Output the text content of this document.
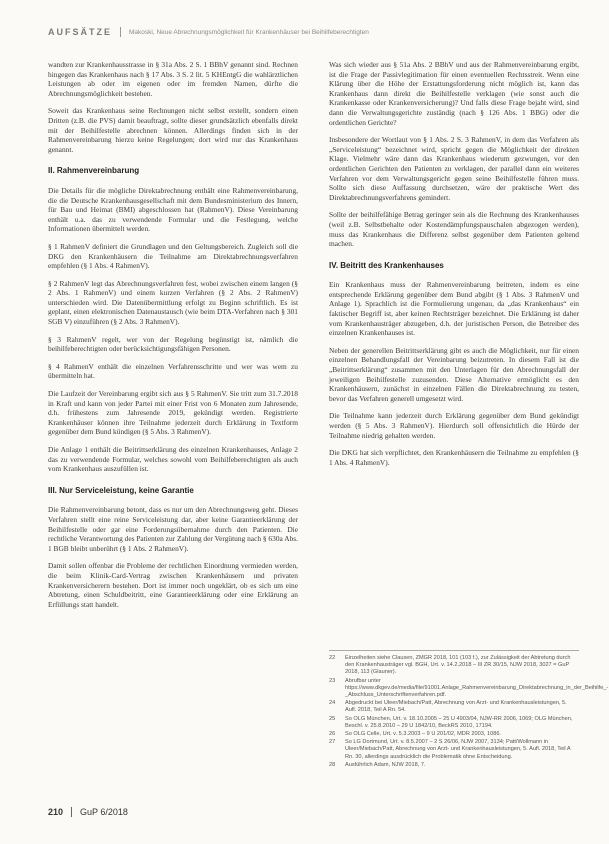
AUFSÄTZE	Makoski, Neue Abrechnungsmöglichkeit für Krankenhäuser bei Beihilfeberechtigten

wandten zur Krankenhausstrasse in § 31a Abs. 2 S. 1 BBhV genannt sind. Rechnen hingegen das Krankenhaus nach § 17 Abs. 3 S. 2 lit. 5 KHEntgG die wahlärztlichen Leistungen ab oder im eigenen oder im fremden Namen, dürfte die Abrechnungsmöglichkeit bestehen.

Soweit das Krankenhaus seine Rechnungen nicht selbst erstellt, sondern einen Dritten (z.B. die PVS) damit beauftragt, sollte dieser grundsätzlich ebenfalls direkt mit der Beihilfestelle abrechnen können. Allerdings finden sich in der Rahmenvereinbarung hierzu keine Regelungen; dort wird nur das Krankenhaus genannt.

II. Rahmenvereinbarung

Die Details für die mögliche Direktabrechnung enthält eine Rahmenvereinbarung, die die Deutsche Krankenhausgesellschaft mit dem Bundesministerium des Innern, für Bau und Heimat (BMI) abgeschlossen hat (RahmenV). Diese Vereinbarung enthält u.a. das zu verwendende Formular und die Festlegung, welche Informationen übermittelt werden.

§ 1 RahmenV definiert die Grundlagen und den Geltungsbereich. Zugleich soll die DKG den Krankenhäusern die Teilnahme am Direktabrechnungsverfahren empfehlen (§ 1 Abs. 4 RahmenV).

§ 2 RahmenV legt das Abrechnungsverfahren fest, wobei zwischen einem langen (§ 2 Abs. 1 RahmenV) und einem kurzen Verfahren (§ 2 Abs. 2 RahmenV) unterschieden wird. Die Datenübermittlung erfolgt zu Beginn schriftlich. Es ist geplant, einen elektronischen Datenaustausch (wie beim DTA-Verfahren nach § 301 SGB V) einzuführen (§ 2 Abs. 3 RahmenV).

§ 3 RahmenV regelt, wer von der Regelung begünstigt ist, nämlich die beihilfeberechtigten oder berücksichtigungsfähigen Personen.

§ 4 RahmenV enthält die einzelnen Verfahrensschritte und wer was wem zu übermitteln hat.

Die Laufzeit der Vereinbarung ergibt sich aus § 5 RahmenV. Sie tritt zum 31.7.2018 in Kraft und kann von jeder Partei mit einer Frist von 6 Monaten zum Jahresende, d.h. frühestens zum Jahresende 2019, gekündigt werden. Registrierte Krankenhäuser können ihre Teilnahme jederzeit durch Erklärung in Textform gegenüber dem Bund kündigen (§ 5 Abs. 3 RahmenV).

Die Anlage 1 enthält die Beitrittserklärung des einzelnen Krankenhauses, Anlage 2 das zu verwendende Formular, welches sowohl vom Beihilfeberechtigten als auch vom Krankenhaus auszufüllen ist.

III. Nur Serviceleistung, keine Garantie

Die Rahmenvereinbarung betont, dass es nur um den Abrechnungsweg geht. Dieses Verfahren stellt eine reine Serviceleistung dar, aber keine Garantieerklärung der Beihilfestelle oder gar eine Forderungsübernahme durch den Patienten. Die rechtliche Verantwortung des Patienten zur Zahlung der Vergütung nach § 630a Abs. 1 BGB bleibt unberührt (§ 1 Abs. 2 RahmenV).

Damit sollen offenbar die Probleme der rechtlichen Einordnung vermieden werden, die beim Klinik-Card-Vertrag zwischen Krankenhäusern und privaten Krankenversicherern bestehen. Dort ist immer noch ungeklärt, ob es sich um eine Abtretung, einen Schuldbeitritt, eine Garantieerklärung oder eine Erklärung an Erfüllungs statt handelt.

Was sich wieder aus § 51a Abs. 2 BBhV und aus der Rahmenvereinbarung ergibt, ist die Frage der Passivlegitimation für einen eventuellen Rechtsstreit. Wenn eine Klärung über die Höhe der Erstattungsforderung nicht möglich ist, kann das Krankenhaus dann direkt die Beihilfestelle verklagen (wie sonst auch die Krankenkasse oder Krankenversicherung)? Und falls diese Frage bejaht wird, sind dann die Verwaltungsgerichte zuständig (nach § 126 Abs. 1 BBG) oder die ordentlichen Gerichte?

Insbesondere der Wortlaut von § 1 Abs. 2 S. 3 RahmenV, in dem das Verfahren als „Serviceleistung“ bezeichnet wird, spricht gegen die Möglichkeit der direkten Klage. Vielmehr wäre dann das Krankenhaus wiederum gezwungen, vor den ordentlichen Gerichten den Patienten zu verklagen, der parallel dann ein weiteres Verfahren vor dem Verwaltungsgericht gegen seine Beihilfestelle führen muss. Sollte sich diese Auffassung durchsetzen, wäre der praktische Wert des Direktabrechnungsverfahrens gemindert.

Sollte der beihilfefähige Betrag geringer sein als die Rechnung des Krankenhauses (weil z.B. Selbstbehalte oder Kostendämpfungspauschalen abgezogen werden), muss das Krankenhaus die Differenz selbst gegenüber dem Patienten geltend machen.

IV. Beitritt des Krankenhauses

Ein Krankenhaus muss der Rahmenvereinbarung beitreten, indem es eine entsprechende Erklärung gegenüber dem Bund abgibt (§ 1 Abs. 3 RahmenV und Anlage 1). Sprachlich ist die Formulierung ungenau, da „das Krankenhaus“ ein faktischer Begriff ist, aber keinen Rechtsträger bezeichnet. Die Erklärung ist daher vom Krankenhausträger abzugeben, d.h. der juristischen Person, die Betreiber des einzelnen Krankenhauses ist.

Neben der generellen Beitrittserklärung gibt es auch die Möglichkeit, nur für einen einzelnen Behandlungsfall der Vereinbarung beizutreten. In diesem Fall ist die „Beitrittserklärung“ zusammen mit den Unterlagen für den Abrechnungsfall der jeweiligen Beihilfestelle zuzusenden. Diese Alternative ermöglicht es den Krankenhäusern, zunächst in einzelnen Fällen die Direktabrechnung zu testen, bevor das Verfahren generell umgesetzt wird.

Die Teilnahme kann jederzeit durch Erklärung gegenüber dem Bund gekündigt werden (§ 5 Abs. 3 RahmenV). Hierdurch soll offensichtlich die Hürde der Teilnahme niedrig gehalten werden.

Die DKG hat sich verpflichtet, den Krankenhäusern die Teilnahme zu empfehlen (§ 1 Abs. 4 RahmenV).

22	Einzelheiten siehe Clausen, ZMGR 2018, 101 (103 f.), zur Zulässigkeit der Abtretung durch den Krankenhausträger vgl. BGH, Urt. v. 14.2.2018 – III ZR 30/15, NJW 2018, 3027 = GuP 2018, 113 (Glauner).
23	Abrufbar unter https://www.dkgev.de/media/file/91001.Anlage_Rahmenvereinbarung_Direktabrechnung_in_der_Beihilfe_-_Abschluss_Unterschriftenverfahren.pdf.
24	Abgedruckt bei Uleer/Miebach/Patt, Abrechnung von Arzt- und Krankenhausleistungen, 5. Aufl. 2018, Teil A Rn. 54.
25	So OLG München, Urt. v. 18.10.2005 – 25 U 4903/04, NJW-RR 2006, 1069; OLG München, Beschl. v. 25.8.2010 – 29 U 1842/10, BeckRS 2010, 17194.
26	So OLG Celle, Urt. v. 5.3.2003 – 9 U 201/02, MDR 2003, 1086.
27	So LG Dortmund, Urt. v. 8.5.2007 – 2 S 26/06, NJW 2007, 3134; Patt/Wollmann in Uleer/Miebach/Patt, Abrechnung von Arzt- und Krankenhausleistungen, 5. Aufl. 2018, Teil A Rn. 30, allerdings ausdrücklich die Problematik ohne Entscheidung.
28	Ausführlich Adam, NJW 2018, 7.
210 GuP 6/2018
